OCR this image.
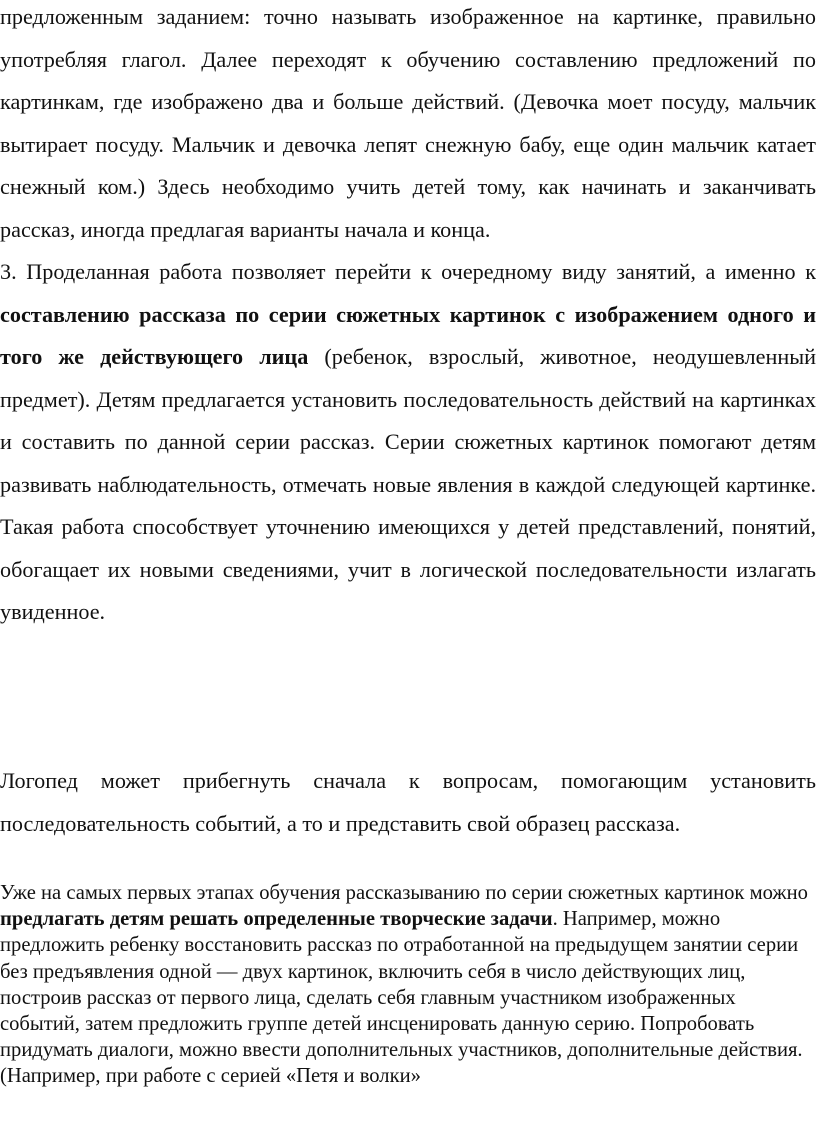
предложенным заданием: точно называть изображенное на картинке, правильно употребляя глагол. Далее переходят к обучению составлению предложений по картинкам, где изображено два и больше действий. (Девочка моет посуду, мальчик вытирает посуду. Мальчик и девочка лепят снежную бабу, еще один мальчик катает снежный ком.) Здесь необходимо учить детей тому, как начинать и заканчивать рассказ, иногда предлагая варианты начала и конца.

3. Проделанная работа позволяет перейти к очередному виду занятий, а именно к составлению рассказа по серии сюжетных картинок с изображением одного и того же действующего лица (ребенок, взрослый, животное, неодушевленный предмет). Детям предлагается установить последовательность действий на картинках и составить по данной серии рассказ. Серии сюжетных картинок помогают детям развивать наблюдательность, отмечать новые явления в каждой следующей картинке. Такая работа способствует уточнению имеющихся у детей представлений, понятий, обогащает их новыми сведениями, учит в логической последовательности излагать увиденное.

Логопед может прибегнуть сначала к вопросам, помогающим установить последовательность событий, а то и представить свой образец рассказа.

Уже на самых первых этапах обучения рассказыванию по серии сюжетных картинок можно предлагать детям решать определенные творческие задачи. Например, можно предложить ребенку восстановить рассказ по отработанной на предыдущем занятии серии без предъявления одной — двух картинок, включить себя в число действующих лиц, построив рассказ от первого лица, сделать себя главным участником изображенных событий, затем предложить группе детей инсценировать данную серию. Попробовать придумать диалоги, можно ввести дополнительных участников, дополнительные действия. (Например, при работе с серией «Петя и волки»
